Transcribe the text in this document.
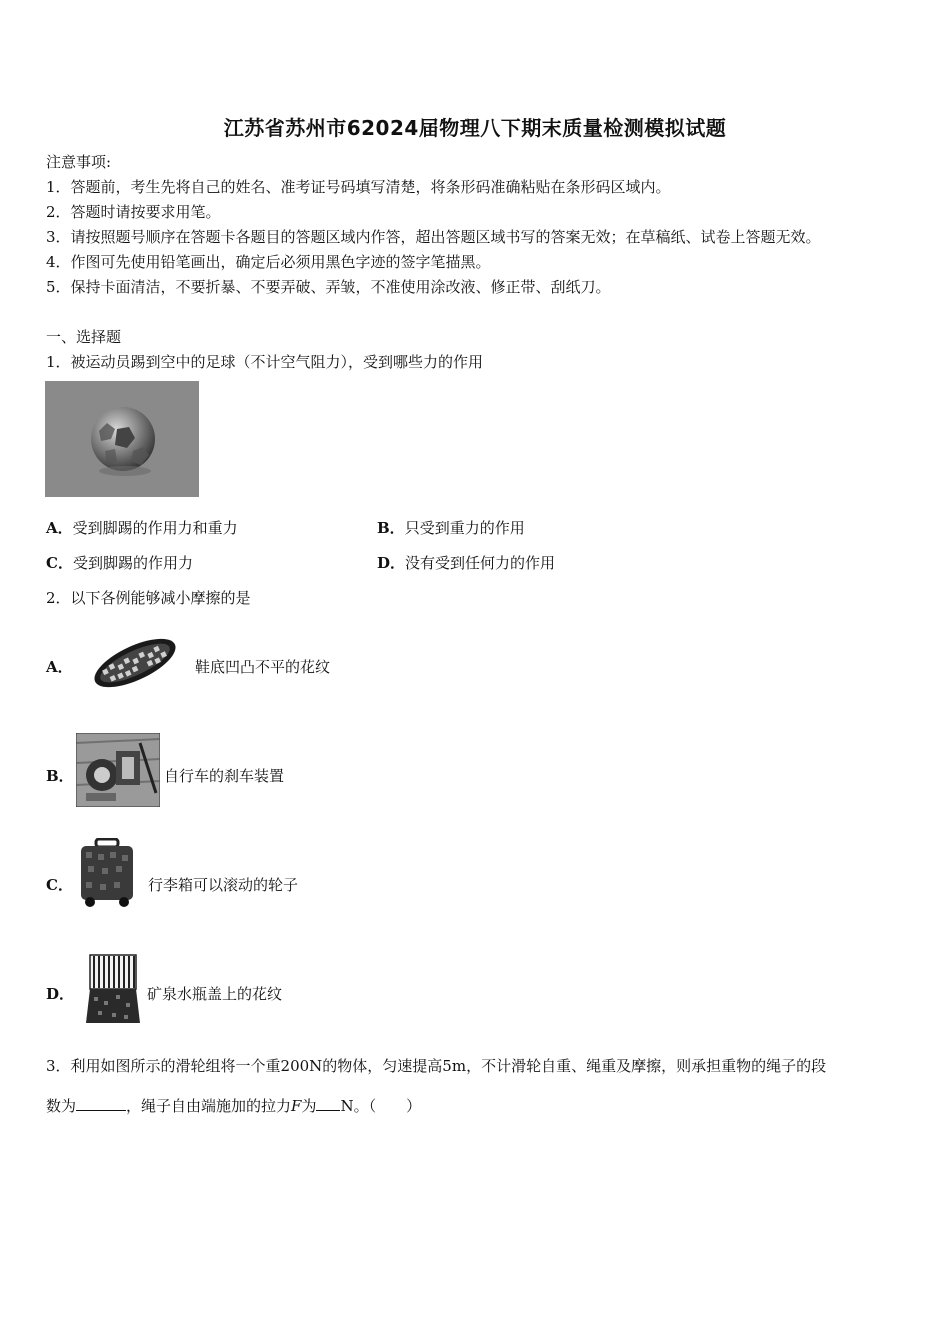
江苏省苏州市62024届物理八下期末质量检测模拟试题
注意事项:
1．答题前，考生先将自己的姓名、准考证号码填写清楚，将条形码准确粘贴在条形码区域内。
2．答题时请按要求用笔。
3．请按照题号顺序在答题卡各题目的答题区域内作答，超出答题区域书写的答案无效；在草稿纸、试卷上答题无效。
4．作图可先使用铅笔画出，确定后必须用黑色字迹的签字笔描黑。
5．保持卡面清洁，不要折暴、不要弄破、弄皱，不准使用涂改液、修正带、刮纸刀。
一、选择题
1．被运动员踢到空中的足球（不计空气阻力），受到哪些力的作用
A．受到脚踢的作用力和重力	B．只受到重力的作用
C．受到脚踢的作用力	D．没有受到任何力的作用
2．以下各例能够减小摩擦的是
A．	鞋底凹凸不平的花纹
B．	自行车的刹车装置
C．	行李箱可以滚动的轮子
D．	矿泉水瓶盖上的花纹
3．利用如图所示的滑轮组将一个重200N的物体，匀速提高5m，不计滑轮自重、绳重及摩擦，则承担重物的绳子的段
数为	，绳子自由端施加的拉力F为 N。（　　）
